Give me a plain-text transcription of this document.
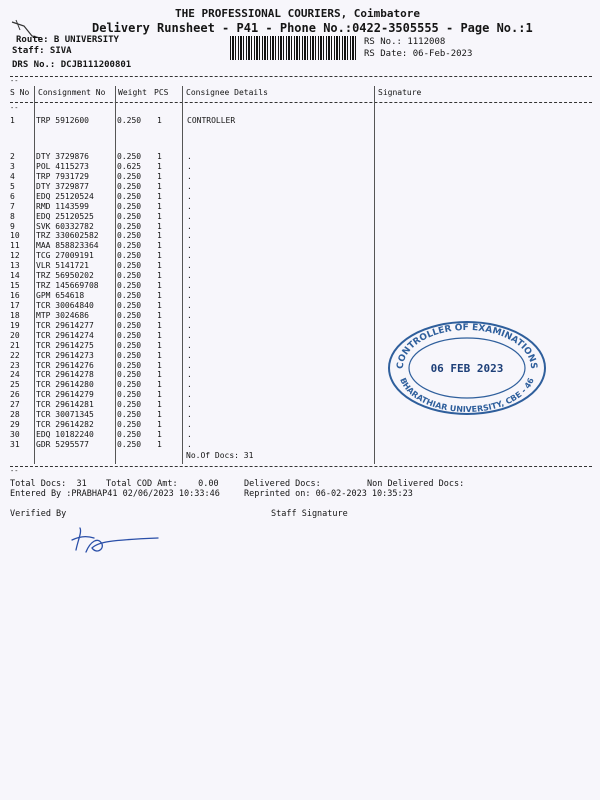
THE PROFESSIONAL COURIERS, Coimbatore
Delivery Runsheet - P41 - Phone No.:0422-3505555 - Page No.:1
Route: B UNIVERSITY
Staff: SIVA
DRS No.: DCJB111200801
RS No.: 1112008
RS Date: 06-Feb-2023
--
--
S No Consignment No Weight PCS Consignee Details	Signature
1	TRP 5912600	0.250 1	CONTROLLER
2	DTY 3729876	0.250 1	.
3	POL 4115273	0.625 1	.
4	TRP 7931729	0.250 1	.
5	DTY 3729877	0.250 1	.
6	EDQ 25120524	0.250 1	.
7	RMD 1143599	0.250 1	.
8	EDQ 25120525	0.250 1	.
9	SVK 60332782	0.250 1	.
10 TRZ 330602582 0.250 1	.
11 MAA 858823364 0.250 1	.
12 TCG 27009191	0.250 1	.
13 VLR 5141721	0.250 1	.
14 TRZ 56950202	0.250 1	.
15 TRZ 145669708 0.250 1	.
16 GPM 654618	0.250 1	.
17 TCR 30064840	0.250 1	.
18 MTP 3024686	0.250 1	.
19 TCR 29614277	0.250 1	.
20 TCR 29614274	0.250 1	.
21 TCR 29614275	0.250 1	.
22 TCR 29614273	0.250 1	.
23 TCR 29614276	0.250 1	.
24 TCR 29614278	0.250 1	.
25 TCR 29614280	0.250 1	.
26 TCR 29614279	0.250 1	.
27 TCR 29614281	0.250 1	.
28 TCR 30071345	0.250 1	.
29 TCR 29614282	0.250 1	.
30 EDQ 10182240	0.250 1	.
31 GDR 5295577	0.250 1	.
No.Of Docs: 31
--
Total Docs:  31 Total COD Amt:    0.00	Delivered Docs:	Non Delivered Docs:
Entered By :PRABHAP41 02/06/2023 10:33:46	Reprinted on: 06-02-2023 10:35:23
Verified By	Staff Signature
CONTROLLER OF EXAMINATIONS
BHARATHIAR UNIVERSITY, CBE - 46
06 FEB 2023
